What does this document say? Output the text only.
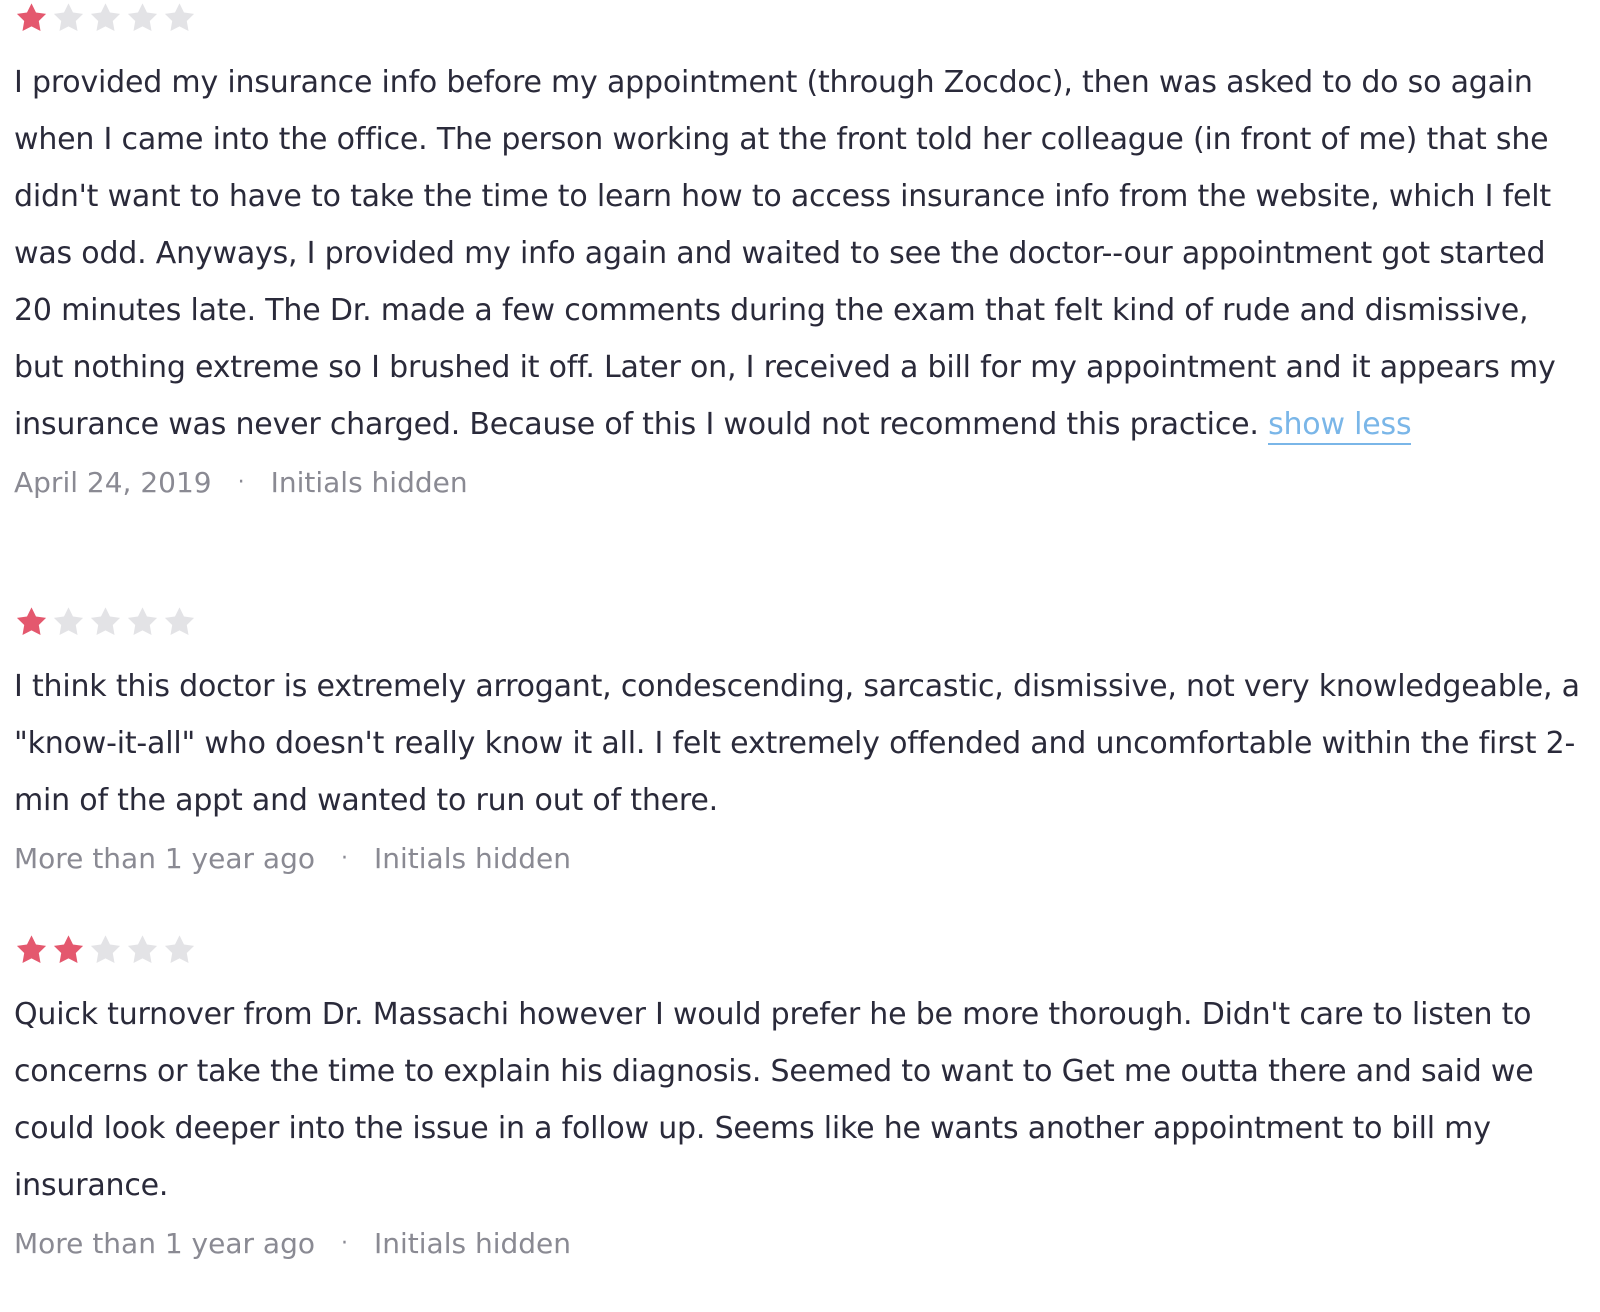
I provided my insurance info before my appointment (through Zocdoc), then was asked to do so again when I came into the office. The person working at the front told her colleague (in front of me) that she didn't want to have to take the time to learn how to access insurance info from the website, which I felt was odd. Anyways, I provided my info again and waited to see the doctor--our appointment got started 20 minutes late. The Dr. made a few comments during the exam that felt kind of rude and dismissive, but nothing extreme so I brushed it off. Later on, I received a bill for my appointment and it appears my insurance was never charged. Because of this I would not recommend this practice. show less

April 24, 2019 · Initials hidden

I think this doctor is extremely arrogant, condescending, sarcastic, dismissive, not very knowledgeable, a "know-it-all" who doesn't really know it all. I felt extremely offended and uncomfortable within the first 2-min of the appt and wanted to run out of there.

More than 1 year ago · Initials hidden

Quick turnover from Dr. Massachi however I would prefer he be more thorough. Didn't care to listen to concerns or take the time to explain his diagnosis. Seemed to want to Get me outta there and said we could look deeper into the issue in a follow up. Seems like he wants another appointment to bill my insurance.

More than 1 year ago · Initials hidden
